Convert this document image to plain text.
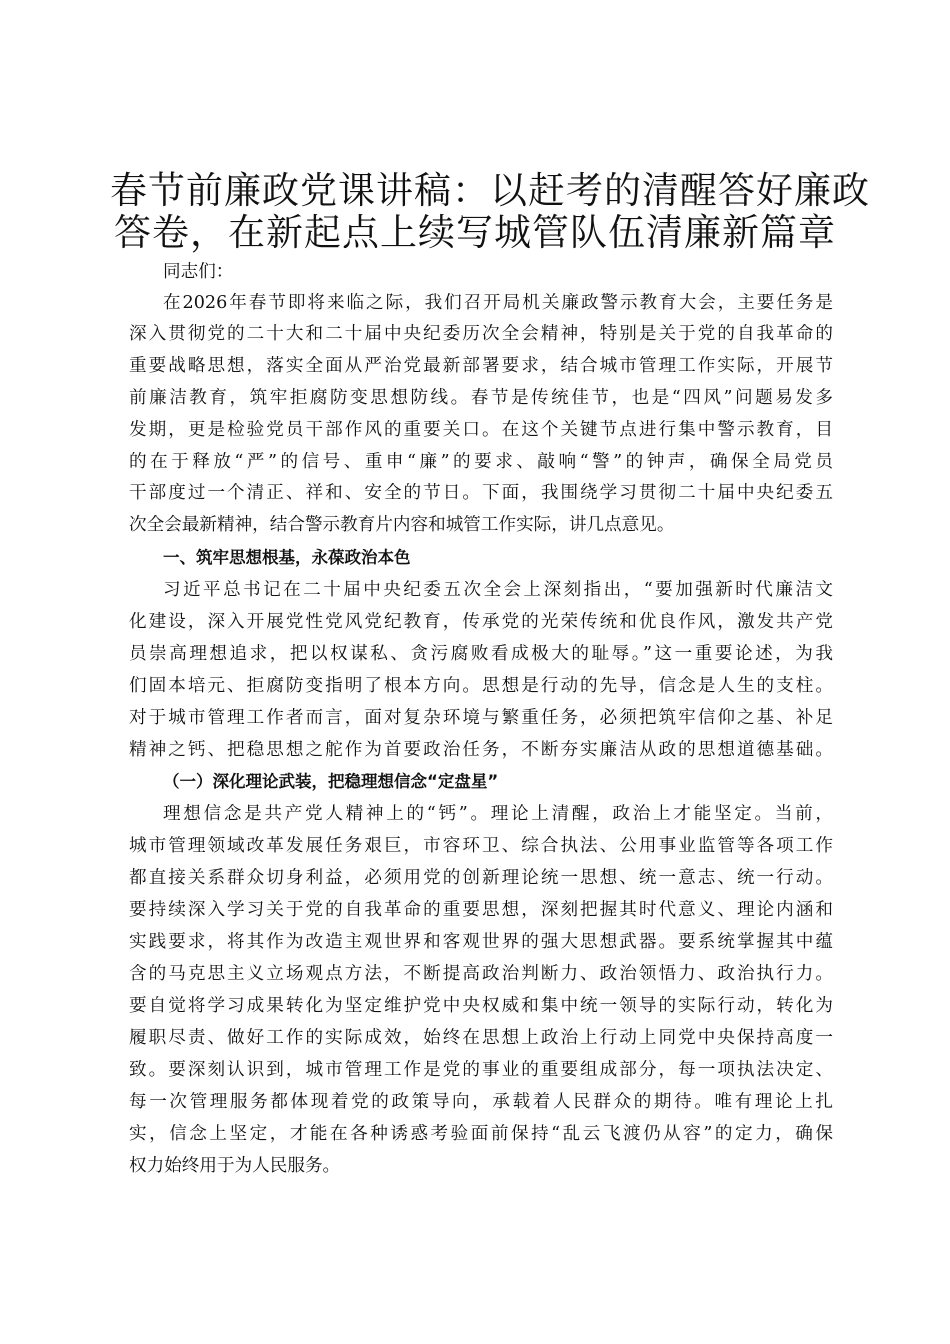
春节前廉政党课讲稿：以赶考的清醒答好廉政
答卷，在新起点上续写城管队伍清廉新篇章
同志们：
在2026年春节即将来临之际，我们召开局机关廉政警示教育大会，主要任务是
深入贯彻党的二十大和二十届中央纪委历次全会精神，特别是关于党的自我革命的
重要战略思想，落实全面从严治党最新部署要求，结合城市管理工作实际，开展节
前廉洁教育，筑牢拒腐防变思想防线。春节是传统佳节，也是“四风”问题易发多
发期，更是检验党员干部作风的重要关口。在这个关键节点进行集中警示教育，目
的在于释放“严”的信号、重申“廉”的要求、敲响“警”的钟声，确保全局党员
干部度过一个清正、祥和、安全的节日。下面，我围绕学习贯彻二十届中央纪委五
次全会最新精神，结合警示教育片内容和城管工作实际，讲几点意见。
一、筑牢思想根基，永葆政治本色
习近平总书记在二十届中央纪委五次全会上深刻指出，“要加强新时代廉洁文
化建设，深入开展党性党风党纪教育，传承党的光荣传统和优良作风，激发共产党
员崇高理想追求，把以权谋私、贪污腐败看成极大的耻辱。”这一重要论述，为我
们固本培元、拒腐防变指明了根本方向。思想是行动的先导，信念是人生的支柱。
对于城市管理工作者而言，面对复杂环境与繁重任务，必须把筑牢信仰之基、补足
精神之钙、把稳思想之舵作为首要政治任务，不断夯实廉洁从政的思想道德基础。
（一）深化理论武装，把稳理想信念“定盘星”
理想信念是共产党人精神上的“钙”。理论上清醒，政治上才能坚定。当前，
城市管理领域改革发展任务艰巨，市容环卫、综合执法、公用事业监管等各项工作
都直接关系群众切身利益，必须用党的创新理论统一思想、统一意志、统一行动。
要持续深入学习关于党的自我革命的重要思想，深刻把握其时代意义、理论内涵和
实践要求，将其作为改造主观世界和客观世界的强大思想武器。要系统掌握其中蕴
含的马克思主义立场观点方法，不断提高政治判断力、政治领悟力、政治执行力。
要自觉将学习成果转化为坚定维护党中央权威和集中统一领导的实际行动，转化为
履职尽责、做好工作的实际成效，始终在思想上政治上行动上同党中央保持高度一
致。要深刻认识到，城市管理工作是党的事业的重要组成部分，每一项执法决定、
每一次管理服务都体现着党的政策导向，承载着人民群众的期待。唯有理论上扎
实，信念上坚定，才能在各种诱惑考验面前保持“乱云飞渡仍从容”的定力，确保
权力始终用于为人民服务。
